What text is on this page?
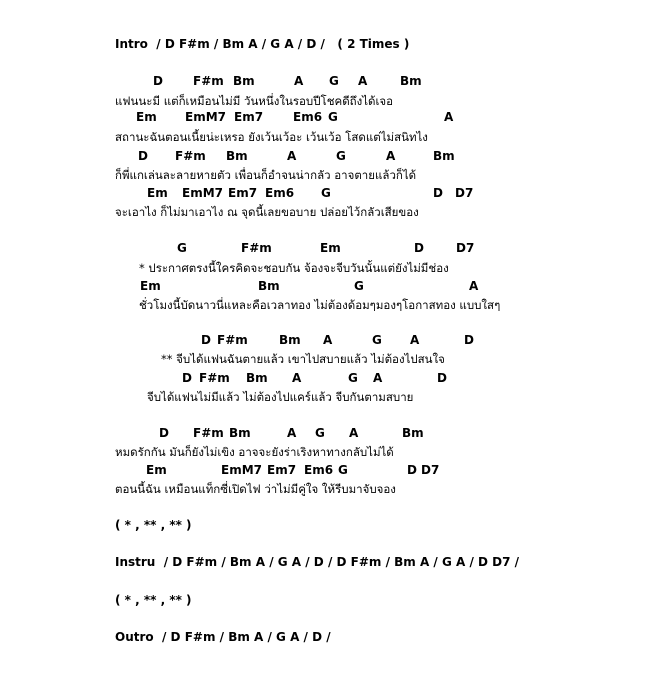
Intro  / D F#m / Bm A / G A / D /   ( 2 Times )
D	F#m Bm	A G A	Bm
แฟนนะมี แต่ก็เหมือนไม่มี วันหนึ่งในรอบปีโชคดีถึงได้เจอ
Em EmM7 Em7 Em6 G	A
สถานะฉันตอนเนี้ยน่ะเหรอ ยังเว้นเว้อะ เว้นเว้อ โสดแต่ไม่สนิทไง
D F#m Bm	A	G	A	Bm
ก็พี่แกเล่นละลายหายตัว เพื่อนก็อำจนน่ากลัว อาจตายแล้วก็ได้
Em EmM7 Em7 Em6 G	D D7
จะเอาไง ก็ไม่มาเอาไง ณ จุดนี้เลยขอบาย ปล่อยไว้กลัวเสียของ
G	F#m	Em	D	D7
* ประกาศตรงนี้ใครคิดจะชอบกัน จ้องจะจีบวันนั้นแต่ยังไม่มีช่อง
Em	Bm	G	A
ชั่วโมงนี้บัดนาวนี่แหละคือเวลาทอง ไม่ต้องด้อมๆมองๆโอกาสทอง แบบใสๆ
D F#m	Bm A	G A	D
** จีบได้แฟนฉันตายแล้ว เขาไปสบายแล้ว ไม่ต้องไปสนใจ
D F#m Bm A	G A	D
จีบได้แฟนไม่มีแล้ว ไม่ต้องไปแคร์แล้ว จีบกันตามสบาย
D F#m Bm	A G A	Bm
หมดรักกัน มันก็ยังไม่เขิง อาจจะยังร่าเริงหาทางกลับไม่ได้
Em	EmM7 Em7 Em6 G	D D7
ตอนนี้ฉัน เหมือนแท็กซี่เปิดไฟ ว่าไม่มีคู่ใจ ให้รีบมาจับจอง
( * , ** , ** )
Instru  / D F#m / Bm A / G A / D / D F#m / Bm A / G A / D D7 /
( * , ** , ** )
Outro  / D F#m / Bm A / G A / D /
